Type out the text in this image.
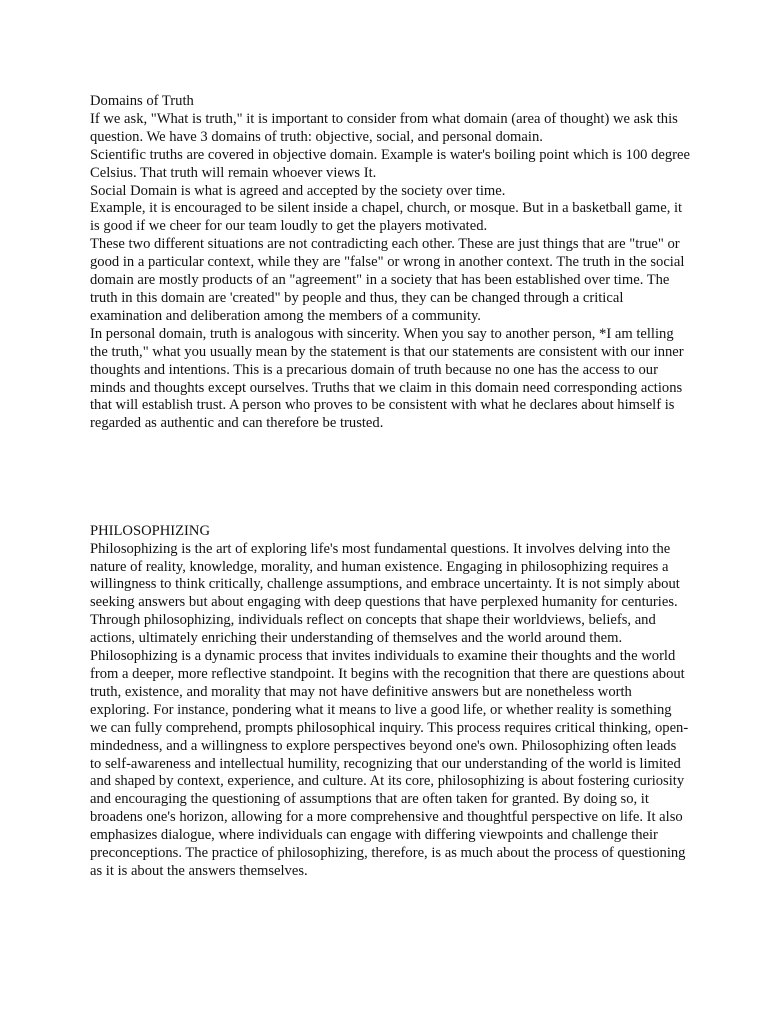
Domains of Truth

If we ask, "What is truth," it is important to consider from what domain (area of thought) we ask this question. We have 3 domains of truth: objective, social, and personal domain.

Scientific truths are covered in objective domain. Example is water's boiling point which is 100 degree Celsius. That truth will remain whoever views It.

Social Domain is what is agreed and accepted by the society over time.

Example, it is encouraged to be silent inside a chapel, church, or mosque. But in a basketball game, it is good if we cheer for our team loudly to get the players motivated.

These two different situations are not contradicting each other. These are just things that are "true" or good in a particular context, while they are "false" or wrong in another context. The truth in the social domain are mostly products of an "agreement" in a society that has been established over time. The truth in this domain are 'created" by people and thus, they can be changed through a critical examination and deliberation among the members of a community.

In personal domain, truth is analogous with sincerity. When you say to another person, *I am telling the truth," what you usually mean by the statement is that our statements are consistent with our inner thoughts and intentions. This is a precarious domain of truth because no one has the access to our minds and thoughts except ourselves. Truths that we claim in this domain need corresponding actions that will establish trust. A person who proves to be consistent with what he declares about himself is regarded as authentic and can therefore be trusted.

PHILOSOPHIZING

Philosophizing is the art of exploring life's most fundamental questions. It involves delving into the nature of reality, knowledge, morality, and human existence. Engaging in philosophizing requires a willingness to think critically, challenge assumptions, and embrace uncertainty. It is not simply about seeking answers but about engaging with deep questions that have perplexed humanity for centuries. Through philosophizing, individuals reflect on concepts that shape their worldviews, beliefs, and actions, ultimately enriching their understanding of themselves and the world around them.

Philosophizing is a dynamic process that invites individuals to examine their thoughts and the world from a deeper, more reflective standpoint. It begins with the recognition that there are questions about truth, existence, and morality that may not have definitive answers but are nonetheless worth exploring. For instance, pondering what it means to live a good life, or whether reality is something we can fully comprehend, prompts philosophical inquiry. This process requires critical thinking, open-mindedness, and a willingness to explore perspectives beyond one's own. Philosophizing often leads to self-awareness and intellectual humility, recognizing that our understanding of the world is limited and shaped by context, experience, and culture. At its core, philosophizing is about fostering curiosity and encouraging the questioning of assumptions that are often taken for granted. By doing so, it broadens one's horizon, allowing for a more comprehensive and thoughtful perspective on life. It also emphasizes dialogue, where individuals can engage with differing viewpoints and challenge their preconceptions. The practice of philosophizing, therefore, is as much about the process of questioning as it is about the answers themselves.
